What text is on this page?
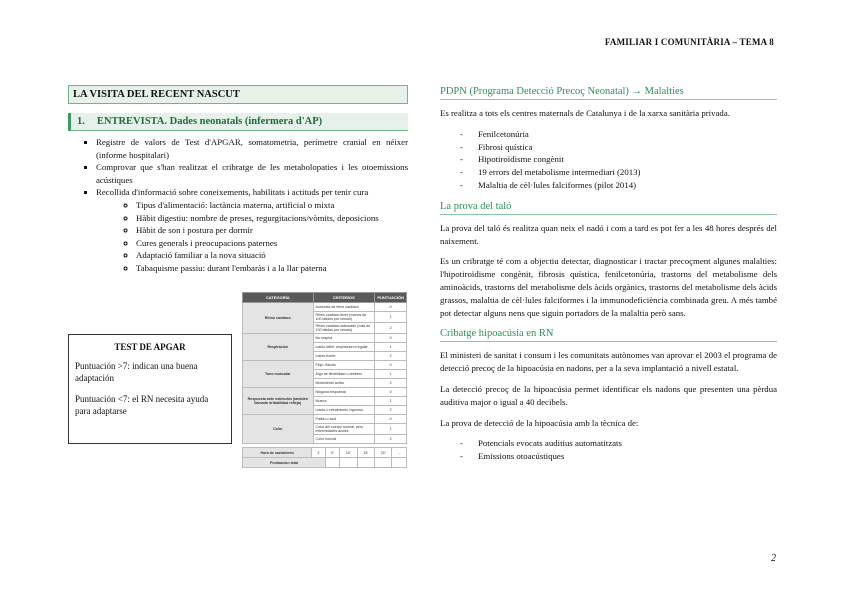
FAMILIAR I COMUNITÀRIA – TEMA 8
LA VISITA DEL RECENT NASCUT
1. ENTREVISTA. Dades neonatals (infermera d'AP)
▪ Registre de valors de Test d'APGAR, somatometria, perímetre cranial en néixer (informe hospitalari)
▪ Comprovar que s'han realitzat el cribratge de les metabolopaties i les otoemissions acústiques
▪ Recollida d'informació sobre coneixements, habilitats i actituds per tenir cura
◦ Tipus d'alimentació: lactància materna, artificial o mixta
◦ Hàbit digestiu: nombre de preses, regurgitacions/vòmits, deposicions
◦ Hàbit de son i postura per dormir
◦ Cures generals i preocupacions paternes
◦ Adaptació familiar a la nova situació
◦ Tabaquisme passiu: durant l'embaràs i a la llar paterna
TEST DE APGAR

Puntuación >7: indican una buena adaptación

Puntuación <7: el RN necesita ayuda para adaptarse

CATEGORÍA	CRITERIOS	PUNTUACIÓN
Ritmo cardiaco	Ausencia de ritmo cardiaco	0
	Ritmo cardiaco lento (menos de 100 latidos por minuto)	1
	Ritmo cardiaco adecuado (más de 100 latidos por minuto)	2
Respiración	No respira	0
	Llanto débil: respiración irregular	1
	Llanto fuerte	2
Tono muscular	Flojo, flácido	0
	Algo de flexibilidad o dobleez	1
	Movimiento activo	2
Respuesta ante estímulos (también llamada irritabilidad refleja)	Ninguna respuesta	0
	Mueca	1
	Llanto o retraimiento vigoroso	2
Color	Pálido o azul	0
	Color del cuerpo normal, pero extremidades azules	1
	Color normal	2
Hora de nacimiento	1'	5'	10'	15'	20'	...
Puntuación total						
PDPN (Programa Detecció Precoç Neonatal) → Malalties

Es realitza a tots els centres maternals de Catalunya i de la xarxa sanitària privada.

- Fenilcetonúria
- Fibrosi quística
- Hipotiroïdisme congènit
- 19 errors del metabolisme intermediari (2013)
- Malaltia de cèl·lules falciformes (pilot 2014)
La prova del taló

La prova del taló és realitza quan neix el nadó i com a tard es pot fer a les 48 hores després del naixement.

Es un cribratge té com a objectiu detectar, diagnosticar i tractar precoçment algunes malalties: l'hipotiroïdisme congènit, fibrosis quística, fenilcetonúria, trastorns del metabolisme dels aminoàcids, trastorns del metabolisme dels àcids orgànics, trastorns del metabolisme dels àcids grassos, malaltia de cèl·lules falciformes i la immunodeficiència combinada greu. A més també pot detectar alguns nens que siguin portadors de la malaltia però sans.

Cribatge hipoacúsia en RN

El ministeri de sanitat i consum i les comunitats autònomes van aprovar el 2003 el programa de detecció precoç de la hipoacúsia en nadons, per a la seva implantació a nivell estatal.

La detecció precoç de la hipoacúsia permet identificar els nadons que presenten una pèrdua auditiva major o igual a 40 decibels.

La prova de detecció de la hipoacúsia amb la tècnica de:

- Potencials evocats auditius automatitzats
- Emissions otoacústiques
2
